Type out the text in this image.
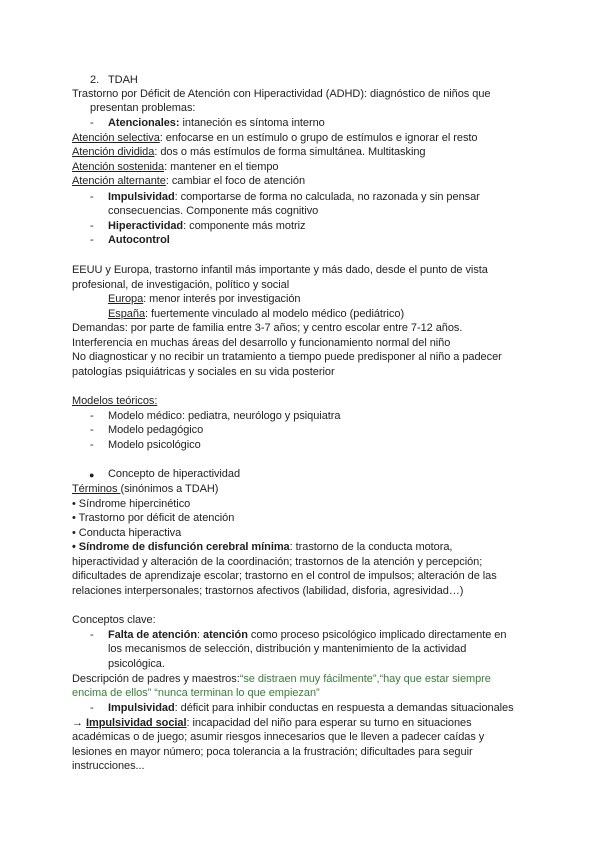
2. TDAH
Trastorno por Déficit de Atención con Hiperactividad (ADHD): diagnóstico de niños que
presentan problemas:
- Atencionales: intaneción es síntoma interno
Atención selectiva: enfocarse en un estímulo o grupo de estímulos e ignorar el resto
Atención dividida: dos o más estímulos de forma simultánea. Multitasking
Atención sostenida: mantener en el tiempo
Atención alternante: cambiar el foco de atención
- Impulsividad: comportarse de forma no calculada, no razonada y sin pensar
consecuencias. Componente más cognitivo
- Hiperactividad: componente más motriz
- Autocontrol
EEUU y Europa, trastorno infantil más importante y más dado, desde el punto de vista
profesional, de investigación, político y social
Europa: menor interés por investigación
España: fuertemente vinculado al modelo médico (pediátrico)
Demandas: por parte de familia entre 3-7 años; y centro escolar entre 7-12 años.
Interferencia en muchas áreas del desarrollo y funcionamiento normal del niño
No diagnosticar y no recibir un tratamiento a tiempo puede predisponer al niño a padecer
patologías psiquiátricas y sociales en su vida posterior
Modelos teóricos:
- Modelo médico: pediatra, neurólogo y psiquiatra
- Modelo pedagógico
- Modelo psicológico
● Concepto de hiperactividad
Términos (sinónimos a TDAH)
• Síndrome hipercinético
• Trastorno por déficit de atención
• Conducta hiperactiva
• Síndrome de disfunción cerebral mínima: trastorno de la conducta motora,
hiperactividad y alteración de la coordinación; trastornos de la atención y percepción;
dificultades de aprendizaje escolar; trastorno en el control de impulsos; alteración de las
relaciones interpersonales; trastornos afectivos (labilidad, disforia, agresividad…)
Conceptos clave:
- Falta de atención: atención como proceso psicológico implicado directamente en
los mecanismos de selección, distribución y mantenimiento de la actividad
psicológica.
Descripción de padres y maestros:“se distraen muy fácilmente”,“hay que estar siempre
encima de ellos” “nunca terminan lo que empiezan”
- Impulsividad: déficit para inhibir conductas en respuesta a demandas situacionales
→ Impulsividad social: incapacidad del niño para esperar su turno en situaciones
académicas o de juego; asumir riesgos innecesarios que le lleven a padecer caídas y
lesiones en mayor número; poca tolerancia a la frustración; dificultades para seguir
instrucciones...
